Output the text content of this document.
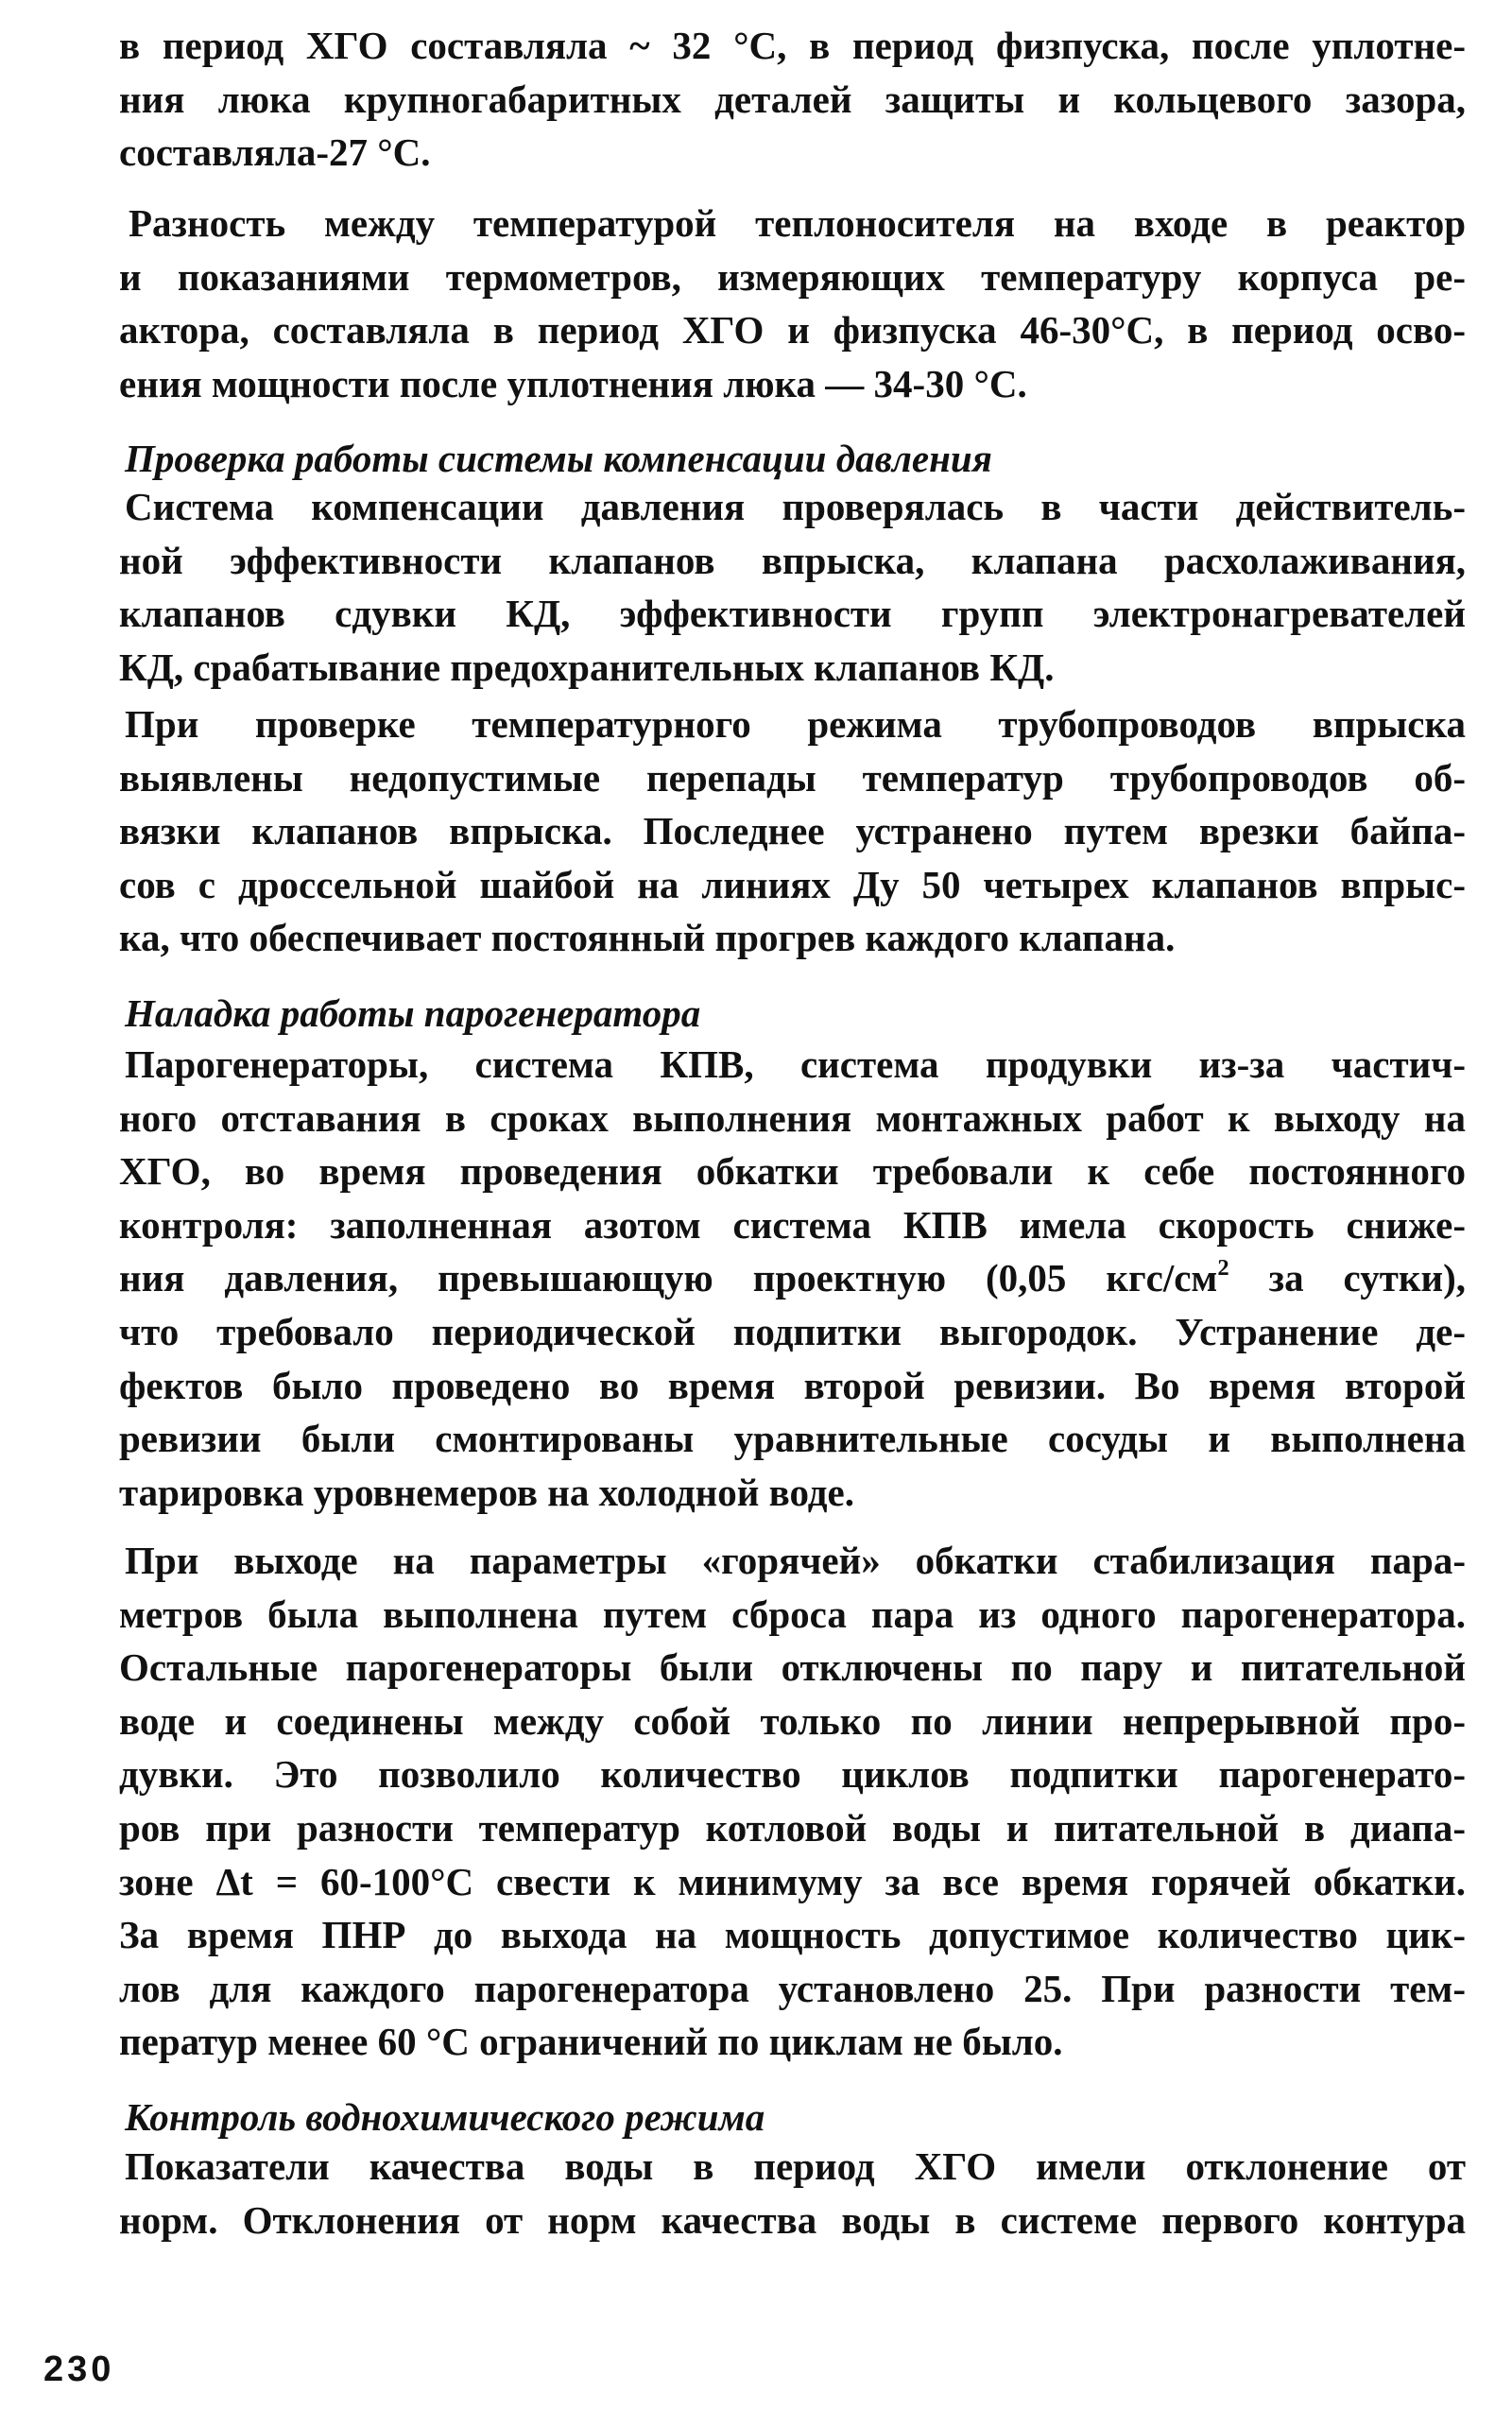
в период ХГО составляла ~ 32 °С, в период физпуска, после уплотне-
ния люка крупногабаритных деталей защиты и кольцевого зазора,
составляла-27 °С.
Разность между температурой теплоносителя на входе в реактор
и показаниями термометров, измеряющих температуру корпуса ре-
актора, составляла в период ХГО и физпуска 46-30°С, в период осво-
ения мощности после уплотнения люка — 34-30 °С.
Проверка работы системы компенсации давления
Система компенсации давления проверялась в части действитель-
ной эффективности клапанов впрыска, клапана расхолаживания,
клапанов сдувки КД, эффективности групп электронагревателей
КД, срабатывание предохранительных клапанов КД.
При проверке температурного режима трубопроводов впрыска
выявлены недопустимые перепады температур трубопроводов об-
вязки клапанов впрыска. Последнее устранено путем врезки байпа-
сов с дроссельной шайбой на линиях Ду 50 четырех клапанов впрыс-
ка, что обеспечивает постоянный прогрев каждого клапана.
Наладка работы парогенератора
Парогенераторы, система КПВ, система продувки из-за частич-
ного отставания в сроках выполнения монтажных работ к выходу на
ХГО, во время проведения обкатки требовали к себе постоянного
контроля: заполненная азотом система КПВ имела скорость сниже-
ния давления, превышающую проектную (0,05 кгс/$см^2$ за сутки),
что требовало периодической подпитки выгородок. Устранение де-
фектов было проведено во время второй ревизии. Во время второй
ревизии были смонтированы уравнительные сосуды и выполнена
тарировка уровнемеров на холодной воде.
При выходе на параметры «горячей» обкатки стабилизация пара-
метров была выполнена путем сброса пара из одного парогенератора.
Остальные парогенераторы были отключены по пару и питательной
воде и соединены между собой только по линии непрерывной про-
дувки. Это позволило количество циклов подпитки парогенерато-
ров при разности температур котловой воды и питательной в диапа-
зоне Δt = 60-100°С свести к минимуму за все время горячей обкатки.
За время ПНР до выхода на мощность допустимое количество цик-
лов для каждого парогенератора установлено 25. При разности тем-
ператур менее 60 °С ограничений по циклам не было.
Контроль воднохимического режима
Показатели качества воды в период ХГО имели отклонение от
норм. Отклонения от норм качества воды в системе первого контура
230
